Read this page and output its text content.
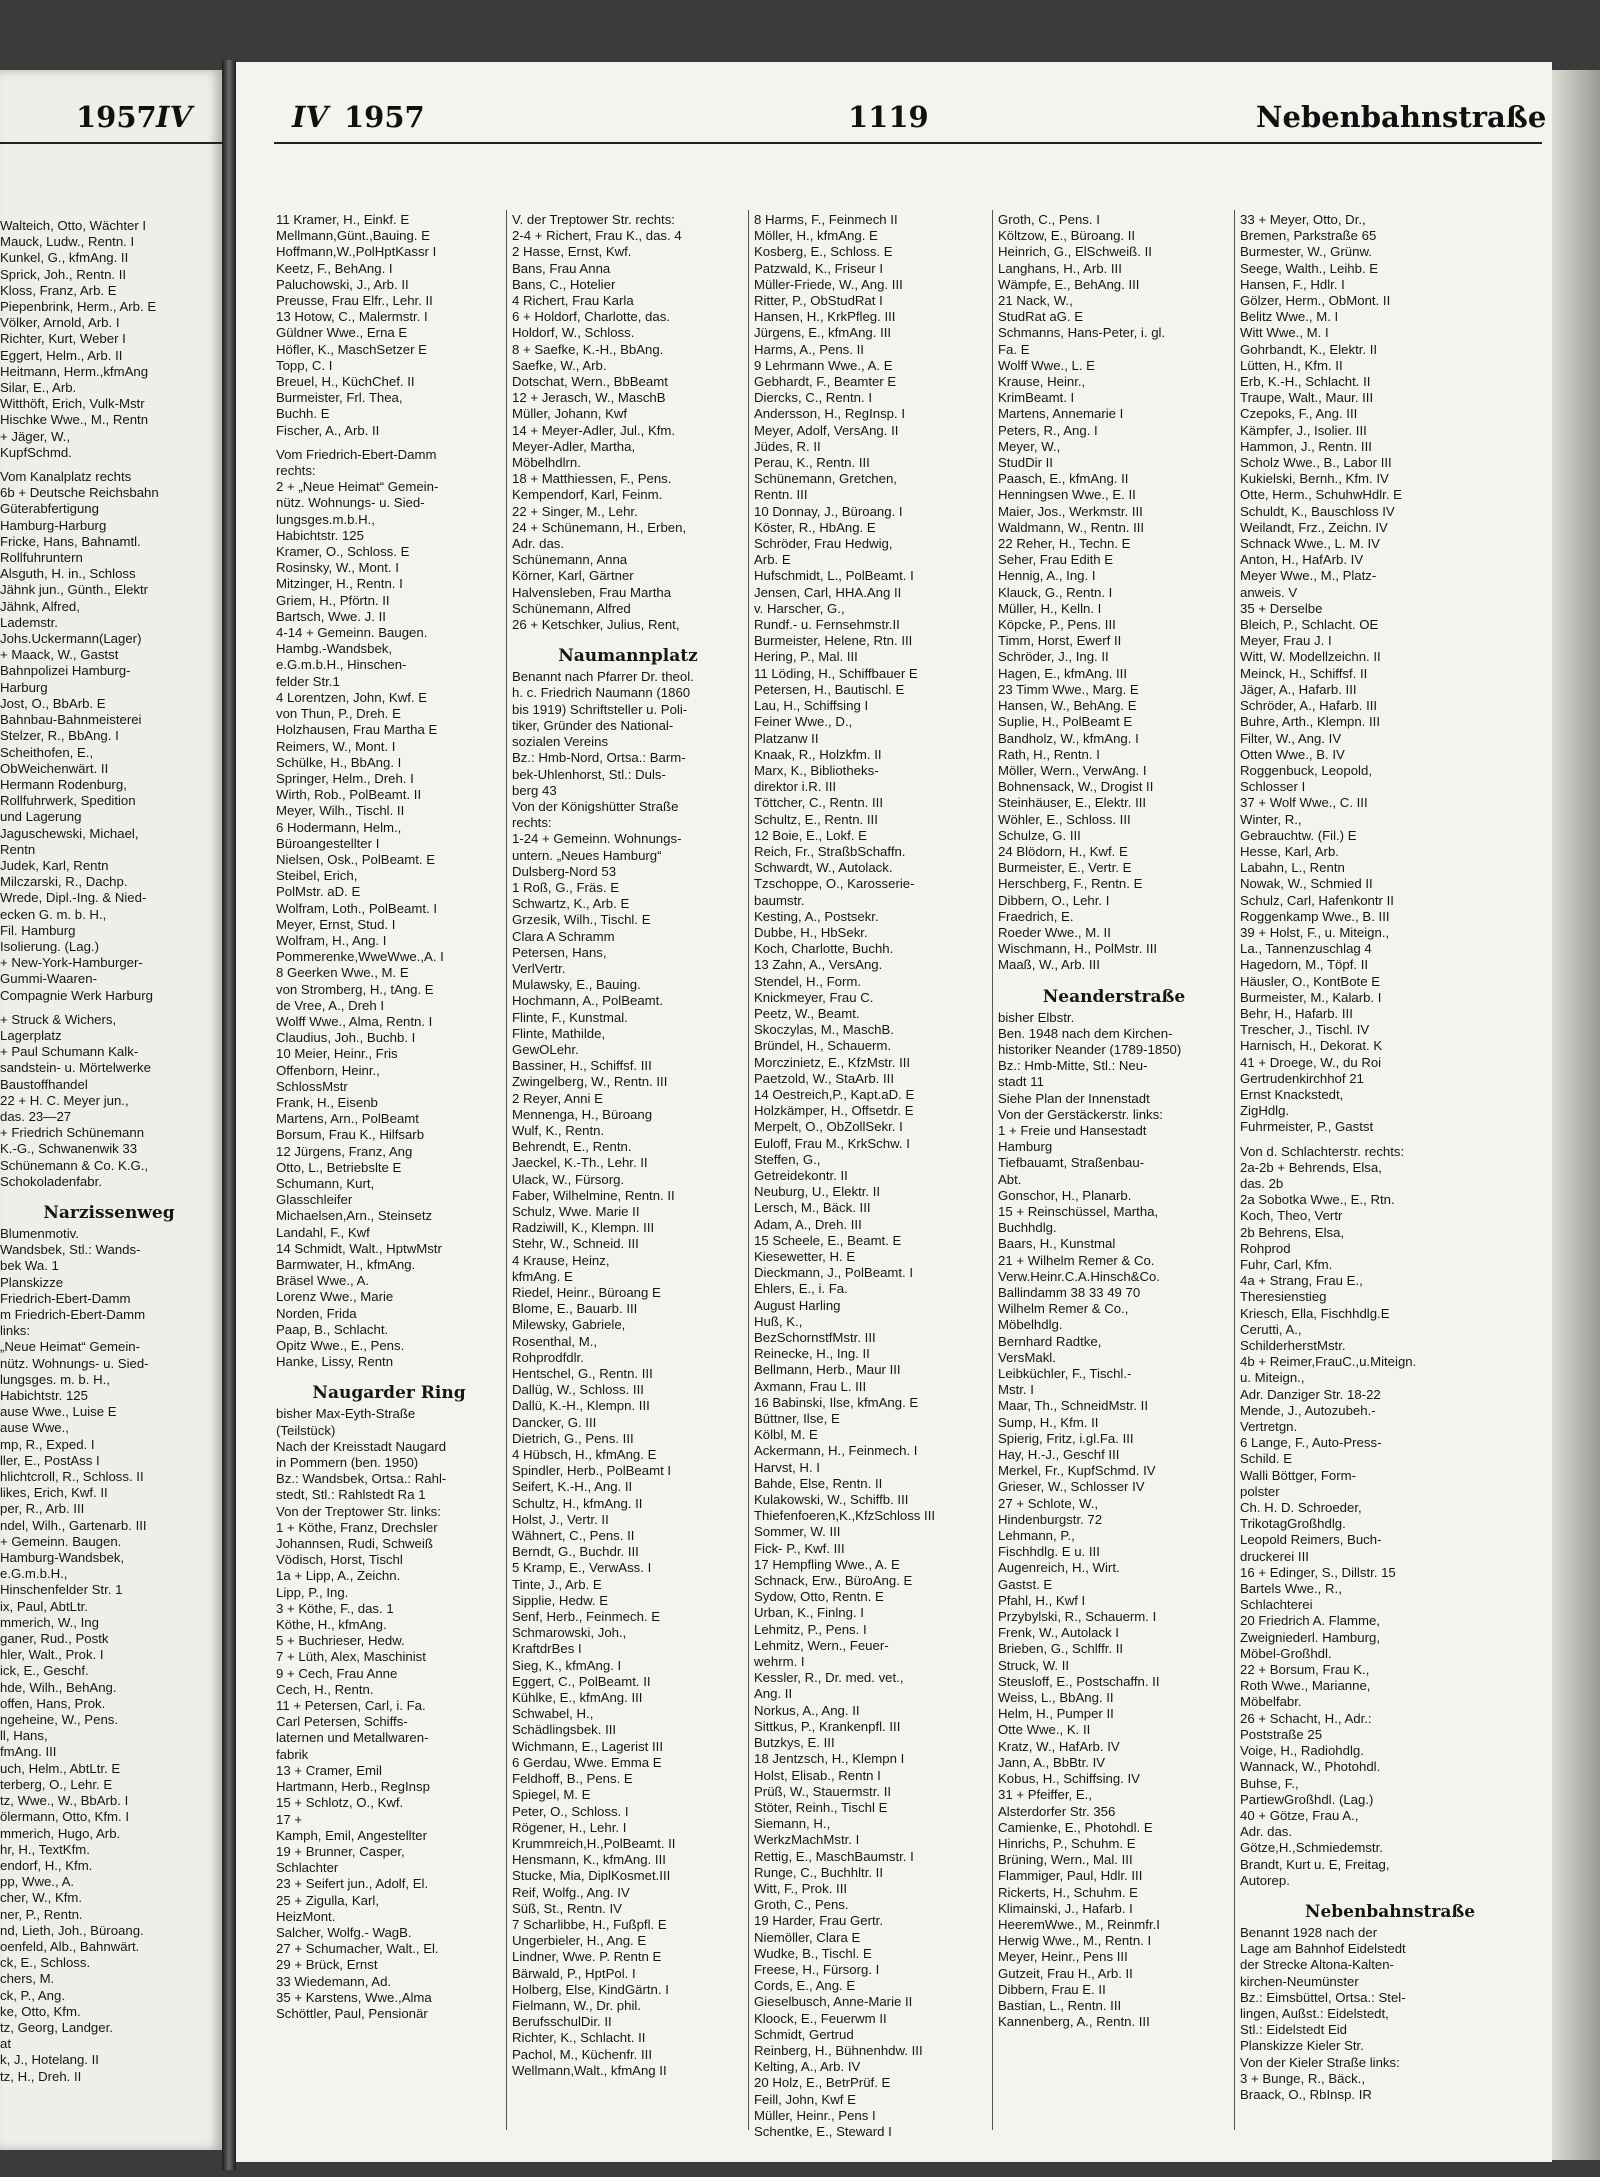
1957 IV
Walteich, Otto, Wächter I
Mauck, Ludw., Rentn. I
Kunkel, G., kfmAng. II
Sprick, Joh., Rentn. II
Kloss, Franz, Arb. E
Piepenbrink, Herm., Arb. E
Völker, Arnold, Arb. I
Richter, Kurt, Weber I
Eggert, Helm., Arb. II
Heitmann, Herm.,kfmAng
Silar, E., Arb.
Witthöft, Erich, Vulk-Mstr
Hischke Wwe., M., Rentn
+ Jäger, W.,
KupfSchmd.
Vom Kanalplatz rechts
6b + Deutsche Reichsbahn
Güterabfertigung
Hamburg-Harburg
Fricke, Hans, Bahnamtl.
Rollfuhruntern
Alsguth, H. in., Schloss
Jähnk jun., Günth., Elektr
Jähnk, Alfred,
Lademstr.
Johs.Uckermann(Lager)
+ Maack, W., Gastst
Bahnpolizei Hamburg-
Harburg
Jost, O., BbArb. E
Bahnbau-Bahnmeisterei
Stelzer, R., BbAng. I
Scheithofen, E.,
ObWeichenwärt. II
Hermann Rodenburg,
Rollfuhrwerk, Spedition
und Lagerung
Jaguschewski, Michael,
Rentn
Judek, Karl, Rentn
Milczarski, R., Dachp.
Wrede, Dipl.-Ing. & Nied-
ecken G. m. b. H.,
Fil. Hamburg
Isolierung. (Lag.)
+ New-York-Hamburger-
Gummi-Waaren-
Compagnie Werk Harburg
+ Struck & Wichers,
Lagerplatz
+ Paul Schumann Kalk-
sandstein- u. Mörtelwerke
Baustoffhandel
22 + H. C. Meyer jun.,
das. 23—27
+ Friedrich Schünemann
K.-G., Schwanenwik 33
Schünemann & Co. K.G.,
Schokoladenfabr.
Narzissenweg
Blumenmotiv.
Wandsbek, Stl.: Wands-
bek Wa. 1
Planskizze
Friedrich-Ebert-Damm
m Friedrich-Ebert-Damm
links:
„Neue Heimat“ Gemein-
nütz. Wohnungs- u. Sied-
lungsges. m. b. H.,
Habichtstr. 125
ause Wwe., Luise E
ause Wwe.,
mp, R., Exped. I
ller, E., PostAss I
hlichtcroll, R., Schloss. II
likes, Erich, Kwf. II
per, R., Arb. III
ndel, Wilh., Gartenarb. III
+ Gemeinn. Baugen.
Hamburg-Wandsbek,
e.G.m.b.H.,
Hinschenfelder Str. 1
ix, Paul, AbtLtr.
mmerich, W., Ing
ganer, Rud., Postk
hler, Walt., Prok. I
ick, E., Geschf.
hde, Wilh., BehAng.
offen, Hans, Prok.
ngeheine, W., Pens.
ll, Hans,
fmAng. III
uch, Helm., AbtLtr. E
terberg, O., Lehr. E
tz, Wwe., W., BbArb. I
ölermann, Otto, Kfm. I
mmerich, Hugo, Arb.
hr, H., TextKfm.
endorf, H., Kfm.
pp, Wwe., A.
cher, W., Kfm.
ner, P., Rentn.
nd, Lieth, Joh., Büroang.
oenfeld, Alb., Bahnwärt.
ck, E., Schloss.
chers, M.
ck, P., Ang.
ke, Otto, Kfm.
tz, Georg, Landger.
at
k, J., Hotelang. II
tz, H., Dreh. II
IV 1957	1119	Nebenbahnstraße
11 Kramer, H., Einkf. E
Mellmann,Günt.,Bauing. E
Hoffmann,W.,PolHptKassr I
Keetz, F., BehAng. I
Paluchowski, J., Arb. II
Preusse, Frau Elfr., Lehr. II
13 Hotow, C., Malermstr. I
Güldner Wwe., Erna E
Höfler, K., MaschSetzer E
Topp, C. I
Breuel, H., KüchChef. II
Burmeister, Frl. Thea,
Buchh. E
Fischer, A., Arb. II
Vom Friedrich-Ebert-Damm
rechts:
2 + „Neue Heimat“ Gemein-
nütz. Wohnungs- u. Sied-
lungsges.m.b.H.,
Habichtstr. 125
Kramer, O., Schloss. E
Rosinsky, W., Mont. I
Mitzinger, H., Rentn. I
Griem, H., Pförtn. II
Bartsch, Wwe. J. II
4-14 + Gemeinn. Baugen.
Hambg.-Wandsbek,
e.G.m.b.H., Hinschen-
felder Str.1
4 Lorentzen, John, Kwf. E
von Thun, P., Dreh. E
Holzhausen, Frau Martha E
Reimers, W., Mont. I
Schülke, H., BbAng. I
Springer, Helm., Dreh. I
Wirth, Rob., PolBeamt. II
Meyer, Wilh., Tischl. II
6 Hodermann, Helm.,
Büroangestellter I
Nielsen, Osk., PolBeamt. E
Steibel, Erich,
PolMstr. aD. E
Wolfram, Loth., PolBeamt. I
Meyer, Ernst, Stud. I
Wolfram, H., Ang. I
Pommerenke,WweWwe.,A. I
8 Geerken Wwe., M. E
von Stromberg, H., tAng. E
de Vree, A., Dreh I
Wolff Wwe., Alma, Rentn. I
Claudius, Joh., Buchb. I
10 Meier, Heinr., Fris
Offenborn, Heinr.,
SchlossMstr
Frank, H., Eisenb
Martens, Arn., PolBeamt
Borsum, Frau K., Hilfsarb
12 Jürgens, Franz, Ang
Otto, L., Betriebslte E
Schumann, Kurt,
Glasschleifer
Michaelsen,Arn., Steinsetz
Landahl, F., Kwf
14 Schmidt, Walt., HptwMstr
Barmwater, H., kfmAng.
Bräsel Wwe., A.
Lorenz Wwe., Marie
Norden, Frida
Paap, B., Schlacht.
Opitz Wwe., E., Pens.
Hanke, Lissy, Rentn
Naugarder Ring
bisher Max-Eyth-Straße
(Teilstück)
Nach der Kreisstadt Naugard
in Pommern (ben. 1950)
Bz.: Wandsbek, Ortsa.: Rahl-
stedt, Stl.: Rahlstedt Ra 1
Von der Treptower Str. links:
1 + Köthe, Franz, Drechsler
Johannsen, Rudi, Schweiß
Vödisch, Horst, Tischl
1a + Lipp, A., Zeichn.
Lipp, P., Ing.
3 + Köthe, F., das. 1
Köthe, H., kfmAng.
5 + Buchrieser, Hedw.
7 + Lüth, Alex, Maschinist
9 + Cech, Frau Anne
Cech, H., Rentn.
11 + Petersen, Carl, i. Fa.
Carl Petersen, Schiffs-
laternen und Metallwaren-
fabrik
13 + Cramer, Emil
Hartmann, Herb., RegInsp
15 + Schlotz, O., Kwf.
17 +
Kamph, Emil, Angestellter
19 + Brunner, Casper,
Schlachter
23 + Seifert jun., Adolf, El.
25 + Zigulla, Karl,
HeizMont.
Salcher, Wolfg.- WagB.
27 + Schumacher, Walt., El.
29 + Brück, Ernst
33 Wiedemann, Ad.
35 + Karstens, Wwe.,Alma
Schöttler, Paul, Pensionär
V. der Treptower Str. rechts:
2-4 + Richert, Frau K., das. 4
2 Hasse, Ernst, Kwf.
Bans, Frau Anna
Bans, C., Hotelier
4 Richert, Frau Karla
6 + Holdorf, Charlotte, das.
Holdorf, W., Schloss.
8 + Saefke, K.-H., BbAng.
Saefke, W., Arb.
Dotschat, Wern., BbBeamt
12 + Jerasch, W., MaschB
Müller, Johann, Kwf
14 + Meyer-Adler, Jul., Kfm.
Meyer-Adler, Martha,
Möbelhdlrn.
18 + Matthiessen, F., Pens.
Kempendorf, Karl, Feinm.
22 + Singer, M., Lehr.
24 + Schünemann, H., Erben,
Adr. das.
Schünemann, Anna
Körner, Karl, Gärtner
Halvensleben, Frau Martha
Schünemann, Alfred
26 + Ketschker, Julius, Rent,
Naumannplatz
Benannt nach Pfarrer Dr. theol.
h. c. Friedrich Naumann (1860
bis 1919) Schriftsteller u. Poli-
tiker, Gründer des National-
sozialen Vereins
Bz.: Hmb-Nord, Ortsa.: Barm-
bek-Uhlenhorst, Stl.: Duls-
berg 43
Von der Königshütter Straße
rechts:
1-24 + Gemeinn. Wohnungs-
untern. „Neues Hamburg“
Dulsberg-Nord 53
1 Roß, G., Fräs. E
Schwartz, K., Arb. E
Grzesik, Wilh., Tischl. E
Clara A Schramm
Petersen, Hans,
VerlVertr.
Mulawsky, E., Bauing.
Hochmann, A., PolBeamt.
Flinte, F., Kunstmal.
Flinte, Mathilde,
GewOLehr.
Bassiner, H., Schiffsf. III
Zwingelberg, W., Rentn. III
2 Reyer, Anni E
Mennenga, H., Büroang
Wulf, K., Rentn.
Behrendt, E., Rentn.
Jaeckel, K.-Th., Lehr. II
Ulack, W., Fürsorg.
Faber, Wilhelmine, Rentn. II
Schulz, Wwe. Marie II
Radziwill, K., Klempn. III
Stehr, W., Schneid. III
4 Krause, Heinz,
kfmAng. E
Riedel, Heinr., Büroang E
Blome, E., Bauarb. III
Milewsky, Gabriele,
Rosenthal, M.,
Rohprodfdlr.
Hentschel, G., Rentn. III
Dallüg, W., Schloss. III
Dallü, K.-H., Klempn. III
Dancker, G. III
Dietrich, G., Pens. III
4 Hübsch, H., kfmAng. E
Spindler, Herb., PolBeamt I
Seifert, K.-H., Ang. II
Schultz, H., kfmAng. II
Holst, J., Vertr. II
Wähnert, C., Pens. II
Berndt, G., Buchdr. III
5 Kramp, E., VerwAss. I
Tinte, J., Arb. E
Sipplie, Hedw. E
Senf, Herb., Feinmech. E
Schmarowski, Joh.,
KraftdrBes I
Sieg, K., kfmAng. I
Eggert, C., PolBeamt. II
Kühlke, E., kfmAng. III
Schwabel, H.,
Schädlingsbek. III
Wichmann, E., Lagerist III
6 Gerdau, Wwe. Emma E
Feldhoff, B., Pens. E
Spiegel, M. E
Peter, O., Schloss. I
Rögener, H., Lehr. I
Krummreich,H.,PolBeamt. II
Hensmann, K., kfmAng. III
Stucke, Mia, DiplKosmet.III
Reif, Wolfg., Ang. IV
Süß, St., Rentn. IV
7 Scharlibbe, H., Fußpfl. E
Ungerbieler, H., Ang. E
Lindner, Wwe. P. Rentn E
Bärwald, P., HptPol. I
Holberg, Else, KindGärtn. I
Fielmann, W., Dr. phil.
BerufsschulDir. II
Richter, K., Schlacht. II
Pachol, M., Küchenfr. III
Wellmann,Walt., kfmAng II
8 Harms, F., Feinmech II
Möller, H., kfmAng. E
Kosberg, E., Schloss. E
Patzwald, K., Friseur I
Müller-Friede, W., Ang. III
Ritter, P., ObStudRat I
Hansen, H., KrkPfleg. III
Jürgens, E., kfmAng. III
Harms, A., Pens. II
9 Lehrmann Wwe., A. E
Gebhardt, F., Beamter E
Diercks, C., Rentn. I
Andersson, H., RegInsp. I
Meyer, Adolf, VersAng. II
Jüdes, R. II
Perau, K., Rentn. III
Schünemann, Gretchen,
Rentn. III
10 Donnay, J., Büroang. I
Köster, R., HbAng. E
Schröder, Frau Hedwig,
Arb. E
Hufschmidt, L., PolBeamt. I
Jensen, Carl, HHA.Ang II
v. Harscher, G.,
Rundf.- u. Fernsehmstr.II
Burmeister, Helene, Rtn. III
Hering, P., Mal. III
11 Löding, H., Schiffbauer E
Petersen, H., Bautischl. E
Lau, H., Schiffsing I
Feiner Wwe., D.,
Platzanw II
Knaak, R., Holzkfm. II
Marx, K., Bibliotheks-
direktor i.R. III
Töttcher, C., Rentn. III
Schultz, E., Rentn. III
12 Boie, E., Lokf. E
Reich, Fr., StraßbSchaffn.
Schwardt, W., Autolack.
Tzschoppe, O., Karosserie-
baumstr.
Kesting, A., Postsekr.
Dubbe, H., HbSekr.
Koch, Charlotte, Buchh.
13 Zahn, A., VersAng.
Stendel, H., Form.
Knickmeyer, Frau C.
Peetz, W., Beamt.
Skoczylas, M., MaschB.
Bründel, H., Schauerm.
Morczinietz, E., KfzMstr. III
Paetzold, W., StaArb. III
14 Oestreich,P., Kapt.aD. E
Holzkämper, H., Offsetdr. E
Merpelt, O., ObZollSekr. I
Euloff, Frau M., KrkSchw. I
Steffen, G.,
Getreidekontr. II
Neuburg, U., Elektr. II
Lersch, M., Bäck. III
Adam, A., Dreh. III
15 Scheele, E., Beamt. E
Kiesewetter, H. E
Dieckmann, J., PolBeamt. I
Ehlers, E., i. Fa.
August Harling
Huß, K.,
BezSchornstfMstr. III
Reinecke, H., Ing. II
Bellmann, Herb., Maur III
Axmann, Frau L. III
16 Babinski, Ilse, kfmAng. E
Büttner, Ilse, E
Kölbl, M. E
Ackermann, H., Feinmech. I
Harvst, H. I
Bahde, Else, Rentn. II
Kulakowski, W., Schiffb. III
Thiefenfoeren,K.,KfzSchloss III
Sommer, W. III
Fick- P., Kwf. III
17 Hempfling Wwe., A. E
Schnack, Erw., BüroAng. E
Sydow, Otto, Rentn. E
Urban, K., Finlng. I
Lehmitz, P., Pens. I
Lehmitz, Wern., Feuer-
wehrm. I
Kessler, R., Dr. med. vet.,
Ang. II
Norkus, A., Ang. II
Sittkus, P., Krankenpfl. III
Butzkys, E. III
18 Jentzsch, H., Klempn I
Holst, Elisab., Rentn I
Prüß, W., Stauermstr. II
Stöter, Reinh., Tischl E
Siemann, H.,
WerkzMachMstr. I
Rettig, E., MaschBaumstr. I
Runge, C., Buchhltr. II
Witt, F., Prok. III
Groth, C., Pens.
19 Harder, Frau Gertr.
Niemöller, Clara E
Wudke, B., Tischl. E
Freese, H., Fürsorg. I
Cords, E., Ang. E
Gieselbusch, Anne-Marie II
Kloock, E., Feuerwm II
Schmidt, Gertrud
Reinberg, H., Bühnenhdw. III
Kelting, A., Arb. IV
20 Holz, E., BetrPrüf. E
Feill, John, Kwf E
Müller, Heinr., Pens I
Schentke, E., Steward I
Groth, C., Pens. I
Költzow, E., Büroang. II
Heinrich, G., ElSchweiß. II
Langhans, H., Arb. III
Wämpfe, E., BehAng. III
21 Nack, W.,
StudRat aG. E
Schmanns, Hans-Peter, i. gl.
Fa. E
Wolff Wwe., L. E
Krause, Heinr.,
KrimBeamt. I
Martens, Annemarie I
Peters, R., Ang. I
Meyer, W.,
StudDir II
Paasch, E., kfmAng. II
Henningsen Wwe., E. II
Maier, Jos., Werkmstr. III
Waldmann, W., Rentn. III
22 Reher, H., Techn. E
Seher, Frau Edith E
Hennig, A., Ing. I
Klauck, G., Rentn. I
Müller, H., Kelln. I
Köpcke, P., Pens. III
Timm, Horst, Ewerf II
Schröder, J., Ing. II
Hagen, E., kfmAng. III
23 Timm Wwe., Marg. E
Hansen, W., BehAng. E
Suplie, H., PolBeamt E
Bandholz, W., kfmAng. I
Rath, H., Rentn. I
Möller, Wern., VerwAng. I
Bohnensack, W., Drogist II
Steinhäuser, E., Elektr. III
Wöhler, E., Schloss. III
Schulze, G. III
24 Blödorn, H., Kwf. E
Burmeister, E., Vertr. E
Herschberg, F., Rentn. E
Dibbern, O., Lehr. I
Fraedrich, E.
Roeder Wwe., M. II
Wischmann, H., PolMstr. III
Maaß, W., Arb. III
Neanderstraße
bisher Elbstr.
Ben. 1948 nach dem Kirchen-
historiker Neander (1789-1850)
Bz.: Hmb-Mitte, Stl.: Neu-
stadt 11
Siehe Plan der Innenstadt
Von der Gerstäckerstr. links:
1 + Freie und Hansestadt
Hamburg
Tiefbauamt, Straßenbau-
Abt.
Gonschor, H., Planarb.
15 + Reinschüssel, Martha,
Buchhdlg.
Baars, H., Kunstmal
21 + Wilhelm Remer & Co.
Verw.Heinr.C.A.Hinsch&Co.
Ballindamm 38 33 49 70
Wilhelm Remer & Co.,
Möbelhdlg.
Bernhard Radtke,
VersMakl.
Leibküchler, F., Tischl.-
Mstr. I
Maar, Th., SchneidMstr. II
Sump, H., Kfm. II
Spierig, Fritz, i.gl.Fa. III
Hay, H.-J., Geschf III
Merkel, Fr., KupfSchmd. IV
Grieser, W., Schlosser IV
27 + Schlote, W.,
Hindenburgstr. 72
Lehmann, P.,
Fischhdlg. E u. III
Augenreich, H., Wirt.
Gastst. E
Pfahl, H., Kwf I
Przybylski, R., Schauerm. I
Frenk, W., Autolack I
Brieben, G., Schlffr. II
Struck, W. II
Steusloff, E., Postschaffn. II
Weiss, L., BbAng. II
Helm, H., Pumper II
Otte Wwe., K. II
Kratz, W., HafArb. IV
Jann, A., BbBtr. IV
Kobus, H., Schiffsing. IV
31 + Pfeiffer, E.,
Alsterdorfer Str. 356
Camienke, E., Photohdl. E
Hinrichs, P., Schuhm. E
Brüning, Wern., Mal. III
Flammiger, Paul, Hdlr. III
Rickerts, H., Schuhm. E
Klimainski, J., Hafarb. I
HeeremWwe., M., Reinmfr.I
Herwig Wwe., M., Rentn. I
Meyer, Heinr., Pens III
Gutzeit, Frau H., Arb. II
Dibbern, Frau E. II
Bastian, L., Rentn. III
Kannenberg, A., Rentn. III
33 + Meyer, Otto, Dr.,
Bremen, Parkstraße 65
Burmester, W., Grünw.
Seege, Walth., Leihb. E
Hansen, F., Hdlr. I
Gölzer, Herm., ObMont. II
Belitz Wwe., M. I
Witt Wwe., M. I
Gohrbandt, K., Elektr. II
Lütten, H., Kfm. II
Erb, K.-H., Schlacht. II
Traupe, Walt., Maur. III
Czepoks, F., Ang. III
Kämpfer, J., Isolier. III
Hammon, J., Rentn. III
Scholz Wwe., B., Labor III
Kukielski, Bernh., Kfm. IV
Otte, Herm., SchuhwHdlr. E
Schuldt, K., Bauschloss IV
Weilandt, Frz., Zeichn. IV
Schnack Wwe., L. M. IV
Anton, H., HafArb. IV
Meyer Wwe., M., Platz-
anweis. V
35 + Derselbe
Bleich, P., Schlacht. OE
Meyer, Frau J. I
Witt, W. Modellzeichn. II
Meinck, H., Schiffsf. II
Jäger, A., Hafarb. III
Schröder, A., Hafarb. III
Buhre, Arth., Klempn. III
Filter, W., Ang. IV
Otten Wwe., B. IV
Roggenbuck, Leopold,
Schlosser I
37 + Wolf Wwe., C. III
Winter, R.,
Gebrauchtw. (Fil.) E
Hesse, Karl, Arb.
Labahn, L., Rentn
Nowak, W., Schmied II
Schulz, Carl, Hafenkontr II
Roggenkamp Wwe., B. III
39 + Holst, F., u. Miteign.,
La., Tannenzuschlag 4
Hagedorn, M., Töpf. II
Häusler, O., KontBote E
Burmeister, M., Kalarb. I
Behr, H., Hafarb. III
Trescher, J., Tischl. IV
Harnisch, H., Dekorat. K
41 + Droege, W., du Roi
Gertrudenkirchhof 21
Ernst Knackstedt,
ZigHdlg.
Fuhrmeister, P., Gastst
Von d. Schlachterstr. rechts:
2a-2b + Behrends, Elsa,
das. 2b
2a Sobotka Wwe., E., Rtn.
Koch, Theo, Vertr
2b Behrens, Elsa,
Rohprod
Fuhr, Carl, Kfm.
4a + Strang, Frau E.,
Theresienstieg
Kriesch, Ella, Fischhdlg.E
Cerutti, A.,
SchilderherstMstr.
4b + Reimer,FrauC.,u.Miteign.
u. Miteign.,
Adr. Danziger Str. 18-22
Mende, J., Autozubeh.-
Vertretgn.
6 Lange, F., Auto-Press-
Schild. E
Walli Böttger, Form-
polster
Ch. H. D. Schroeder,
TrikotagGroßhdlg.
Leopold Reimers, Buch-
druckerei III
16 + Edinger, S., Dillstr. 15
Bartels Wwe., R.,
Schlachterei
20 Friedrich A. Flamme,
Zweigniederl. Hamburg,
Möbel-Großhdl.
22 + Borsum, Frau K.,
Roth Wwe., Marianne,
Möbelfabr.
26 + Schacht, H., Adr.:
Poststraße 25
Voige, H., Radiohdlg.
Wannack, W., Photohdl.
Buhse, F.,
PartiewGroßhdl. (Lag.)
40 + Götze, Frau A.,
Adr. das.
Götze,H.,Schmiedemstr.
Brandt, Kurt u. E, Freitag,
Autorep.
Nebenbahnstraße
Benannt 1928 nach der
Lage am Bahnhof Eidelstedt
der Strecke Altona-Kalten-
kirchen-Neumünster
Bz.: Eimsbüttel, Ortsa.: Stel-
lingen, Außst.: Eidelstedt,
Stl.: Eidelstedt Eid
Planskizze Kieler Str.
Von der Kieler Straße links:
3 + Bunge, R., Bäck.,
Braack, O., RbInsp. IR
